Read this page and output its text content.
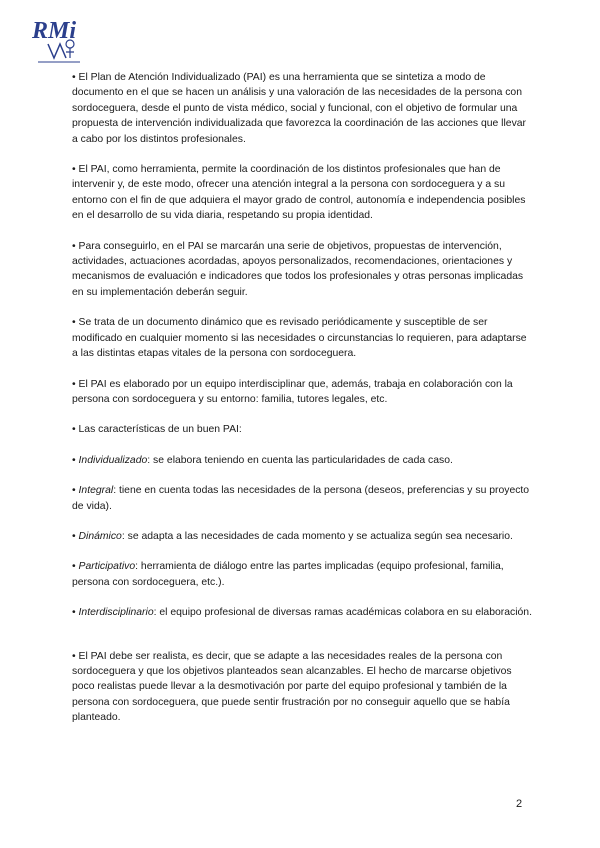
RMi

• El Plan de Atención Individualizado (PAI) es una herramienta que se sintetiza a modo de documento en el que se hacen un análisis y una valoración de las necesidades de la persona con sordoceguera, desde el punto de vista médico, social y funcional, con el objetivo de formular una propuesta de intervención individualizada que favorezca la coordinación de las acciones que llevar a cabo por los distintos profesionales.

• El PAI, como herramienta, permite la coordinación de los distintos profesionales que han de intervenir y, de este modo, ofrecer una atención integral a la persona con sordoceguera y a su entorno con el fin de que adquiera el mayor grado de control, autonomía e independencia posibles en el desarrollo de su vida diaria, respetando su propia identidad.

• Para conseguirlo, en el PAI se marcarán una serie de objetivos, propuestas de intervención, actividades, actuaciones acordadas, apoyos personalizados, recomendaciones, orientaciones y mecanismos de evaluación e indicadores que todos los profesionales y otras personas implicadas en su implementación deberán seguir.

• Se trata de un documento dinámico que es revisado periódicamente y susceptible de ser modificado en cualquier momento si las necesidades o circunstancias lo requieren, para adaptarse a las distintas etapas vitales de la persona con sordoceguera.

• El PAI es elaborado por un equipo interdisciplinar que, además, trabaja en colaboración con la persona con sordoceguera y su entorno: familia, tutores legales, etc.

• Las características de un buen PAI:

• Individualizado: se elabora teniendo en cuenta las particularidades de cada caso.
• Integral: tiene en cuenta todas las necesidades de la persona (deseos, preferencias y su proyecto de vida).
• Dinámico: se adapta a las necesidades de cada momento y se actualiza según sea necesario.
• Participativo: herramienta de diálogo entre las partes implicadas (equipo profesional, familia, persona con sordoceguera, etc.).
• Interdisciplinario: el equipo profesional de diversas ramas académicas colabora en su elaboración.

• El PAI debe ser realista, es decir, que se adapte a las necesidades reales de la persona con sordoceguera y que los objetivos planteados sean alcanzables. El hecho de marcarse objetivos poco realistas puede llevar a la desmotivación por parte del equipo profesional y también de la persona con sordoceguera, que puede sentir frustración por no conseguir aquello que se había planteado.

2
